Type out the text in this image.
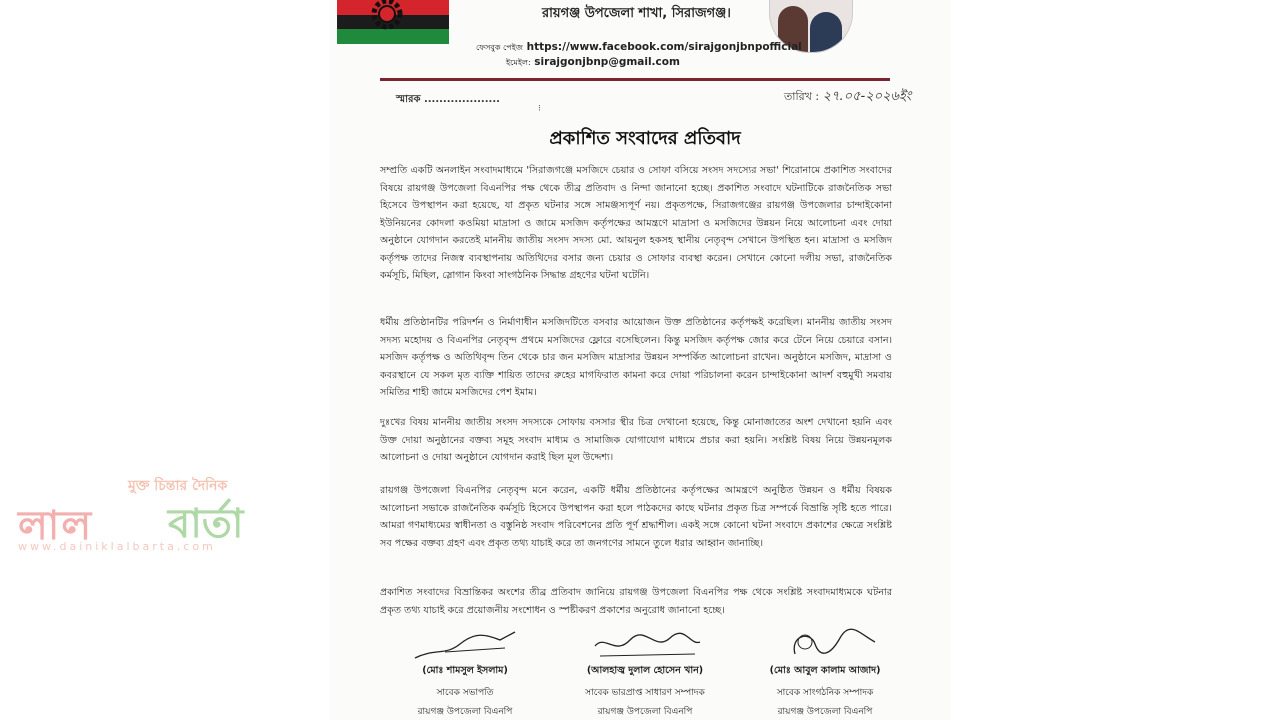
রায়গঞ্জ উপজেলা শাখা, সিরাজগঞ্জ।
ফেসবুক পেইজ https://www.facebook.com/sirajgonjbnpofficial
ইমেইল: sirajgonjbnp@gmail.com
স্মারক ....................	তারিখ : ২৭.০৫-২০২৬ইং
⁝
প্রকাশিত সংবাদের প্রতিবাদ

সম্প্রতি একটি অনলাইন সংবাদমাধ্যমে 'সিরাজগঞ্জে মসজিদে চেয়ার ও সোফা বসিয়ে সংসদ সদস্যের সভা' শিরোনামে প্রকাশিত সংবাদের বিষয়ে রায়গঞ্জ উপজেলা বিএনপির পক্ষ থেকে তীব্র প্রতিবাদ ও নিন্দা জানানো হচ্ছে। প্রকাশিত সংবাদে ঘটনাটিকে রাজনৈতিক সভা হিসেবে উপস্থাপন করা হয়েছে, যা প্রকৃত ঘটনার সঙ্গে সামঞ্জস্যপূর্ণ নয়। প্রকৃতপক্ষে, সিরাজগঞ্জের রায়গঞ্জ উপজেলার চান্দাইকোনা ইউনিয়নের কোদলা কওমিয়া মাদ্রাসা ও জামে মসজিদ কর্তৃপক্ষের আমন্ত্রণে মাদ্রাসা ও মসজিদের উন্নয়ন নিয়ে আলোচনা এবং দোয়া অনুষ্ঠানে যোগদান করতেই মাননীয় জাতীয় সংসদ সদস্য মো. আয়নুল হকসহ স্থানীয় নেতৃবৃন্দ সেখানে উপস্থিত হন। মাদ্রাসা ও মসজিদ কর্তৃপক্ষ তাদের নিজস্ব ব্যবস্থাপনায় অতিথিদের বসার জন্য চেয়ার ও সোফার ব্যবস্থা করেন। সেখানে কোনো দলীয় সভা, রাজনৈতিক কর্মসূচি, মিছিল, স্লোগান কিংবা সাংগঠনিক সিদ্ধান্ত গ্রহণের ঘটনা ঘটেনি।

ধর্মীয় প্রতিষ্ঠানটির পরিদর্শন ও নির্মাণাধীন মসজিদটিতে বসবার আয়োজন উক্ত প্রতিষ্ঠানের কর্তৃপক্ষই করেছিল। মাননীয় জাতীয় সংসদ সদস্য মহোদয় ও বিএনপির নেতৃবৃন্দ প্রথমে মসজিদের ফ্লোরে বসেছিলেন। কিন্তু মসজিদ কর্তৃপক্ষ জোর করে টেনে নিয়ে চেয়ারে বসান। মসজিদ কর্তৃপক্ষ ও অতিথিবৃন্দ তিন থেকে চার জন মসজিদ মাদ্রাসার উন্নয়ন সম্পর্কিত আলোচনা রাখেন। অনুষ্ঠানে মসজিদ, মাদ্রাসা ও কবরস্থানে যে সকল মৃত ব্যক্তি শায়িত তাদের রুহের মাগফিরাত কামনা করে দোয়া পরিচালনা করেন চান্দাইকোনা আদর্শ বহুমুখী সমবায় সমিতির শাহী জামে মসজিদের পেশ ইমাম।

দুঃখের বিষয় মাননীয় জাতীয় সংসদ সদস্যকে সোফায় বসসার স্থীর চিত্র দেখানো হয়েছে, কিন্তু মোনাজাতের অংশ দেখানো হয়নি এবং উক্ত দোয়া অনুষ্ঠানের বক্তব্য সমূহ সংবাদ মাধ্যম ও সামাজিক যোগাযোগ মাধ্যমে প্রচার করা হয়নি। সংশ্লিষ্ট বিষয় নিয়ে উন্নয়নমূলক আলোচনা ও দোয়া অনুষ্ঠানে যোগদান করাই ছিল মূল উদ্দেশ্য।

রায়গঞ্জ উপজেলা বিএনপির নেতৃবৃন্দ মনে করেন, একটি ধর্মীয় প্রতিষ্ঠানের কর্তৃপক্ষের আমন্ত্রণে অনুষ্ঠিত উন্নয়ন ও ধর্মীয় বিষয়ক আলোচনা সভাকে রাজনৈতিক কর্মসূচি হিসেবে উপস্থাপন করা হলে পাঠকদের কাছে ঘটনার প্রকৃত চিত্র সম্পর্কে বিভ্রান্তি সৃষ্টি হতে পারে। আমরা গণমাধ্যমের স্বাধীনতা ও বস্তুনিষ্ঠ সংবাদ পরিবেশনের প্রতি পূর্ণ শ্রদ্ধাশীল। একই সঙ্গে কোনো ঘটনা সংবাদে প্রকাশের ক্ষেত্রে সংশ্লিষ্ট সব পক্ষের বক্তব্য গ্রহণ এবং প্রকৃত তথ্য যাচাই করে তা জনগণের সামনে তুলে ধরার আহ্বান জানাচ্ছি।

প্রকাশিত সংবাদের বিভ্রান্তিকর অংশের তীব্র প্রতিবাদ জানিয়ে রায়গঞ্জ উপজেলা বিএনপির পক্ষ থেকে সংশ্লিষ্ট সংবাদমাধ্যমকে ঘটনার প্রকৃত তথ্য যাচাই করে প্রয়োজনীয় সংশোধন ও স্পষ্টীকরণ প্রকাশের অনুরোধ জানানো হচ্ছে।

(মোঃ শামসুল ইসলাম)
সাবেক সভাপতি
রায়গঞ্জ উপজেলা বিএনপি
(আলহাজ্ব দুলাল হোসেন খান)
সাবেক ভারপ্রাপ্ত সাধারণ সম্পাদক
রায়গঞ্জ উপজেলা বিএনপি
(মোঃ আবুল কালাম আজাদ)
সাবেক সাংগঠনিক সম্পাদক
রায়গঞ্জ উপজেলা বিএনপি
মুক্ত চিন্তার দৈনিক
লাল বার্তা
www.dainiklalbarta.com
